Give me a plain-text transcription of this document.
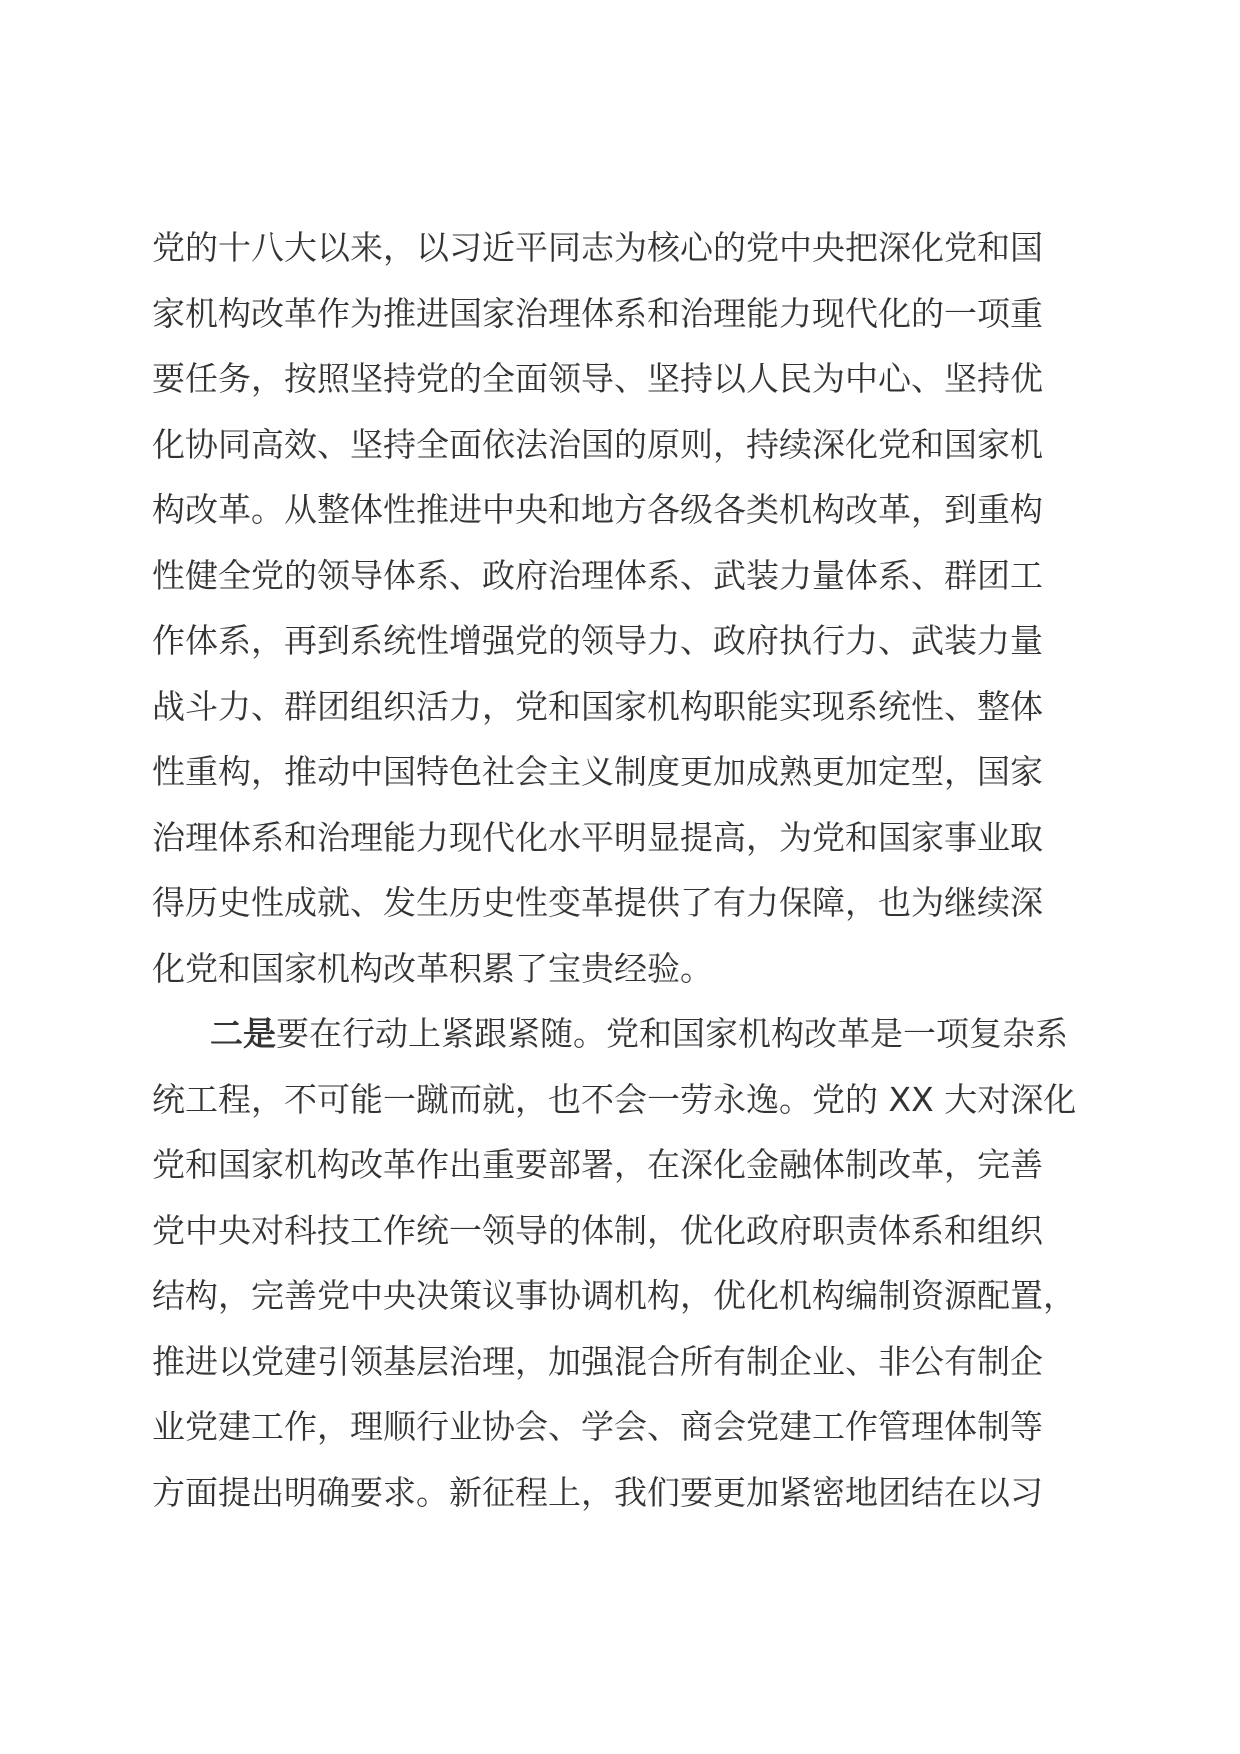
党的十八大以来，以习近平同志为核心的党中央把深化党和国
家机构改革作为推进国家治理体系和治理能力现代化的一项重
要任务，按照坚持党的全面领导、坚持以人民为中心、坚持优
化协同高效、坚持全面依法治国的原则，持续深化党和国家机
构改革。从整体性推进中央和地方各级各类机构改革，到重构
性健全党的领导体系、政府治理体系、武装力量体系、群团工
作体系，再到系统性增强党的领导力、政府执行力、武装力量
战斗力、群团组织活力，党和国家机构职能实现系统性、整体
性重构，推动中国特色社会主义制度更加成熟更加定型，国家
治理体系和治理能力现代化水平明显提高，为党和国家事业取
得历史性成就、发生历史性变革提供了有力保障，也为继续深
化党和国家机构改革积累了宝贵经验。
二是要在行动上紧跟紧随。党和国家机构改革是一项复杂系
统工程，不可能一蹴而就，也不会一劳永逸。党的 XX 大对深化
党和国家机构改革作出重要部署，在深化金融体制改革，完善
党中央对科技工作统一领导的体制，优化政府职责体系和组织
结构，完善党中央决策议事协调机构，优化机构编制资源配置，
推进以党建引领基层治理，加强混合所有制企业、非公有制企
业党建工作，理顺行业协会、学会、商会党建工作管理体制等
方面提出明确要求。新征程上，我们要更加紧密地团结在以习
